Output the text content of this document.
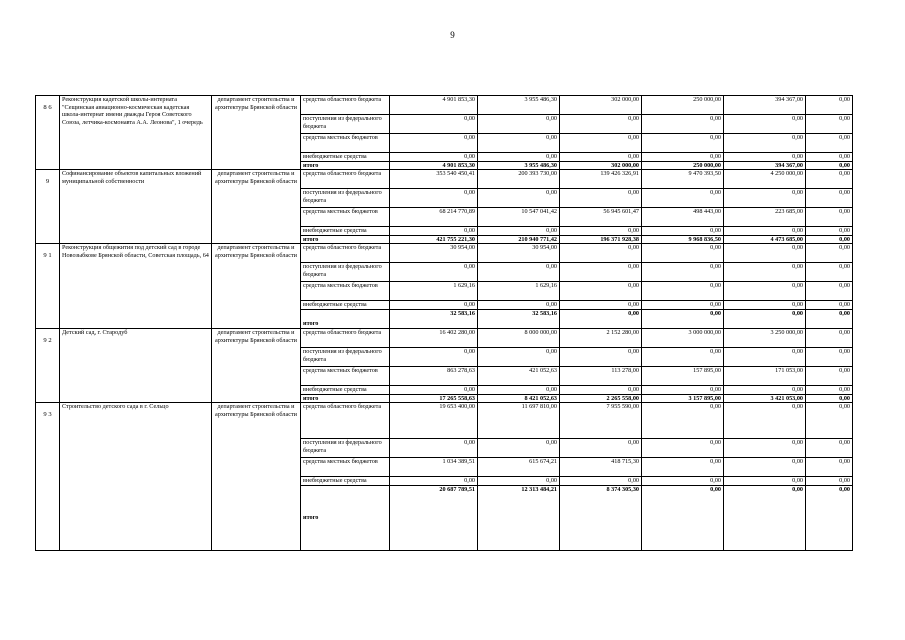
9
8 6	Реконструкция кадетской школы-интерната "Сещинская авиационно-космическая кадетская школа-интернат имени дважды Героя Советского Союза, летчика-космонавта А.А. Леонова", 1 очередь	департамент строительства и архитектуры Брянской области	средства областного бюджета	4 901 853,30	3 955 486,30	302 000,00	250 000,00	394 367,00	0,00
			поступления из федерального бюджета	0,00	0,00	0,00	0,00	0,00	0,00
			средства местных бюджетов	0,00	0,00	0,00	0,00	0,00	0,00
			внебюджетные средства	0,00	0,00	0,00	0,00	0,00	0,00
			итого	4 901 853,30	3 955 486,30	302 000,00	250 000,00	394 367,00	0,00
9	Софинансирование объектов капитальных вложений муниципальной собственности	департамент строительства и архитектуры Брянской области	средства областного бюджета	353 540 450,41	200 393 730,00	139 426 326,91	9 470 393,50	4 250 000,00	0,00
			поступления из федерального бюджета	0,00	0,00	0,00	0,00	0,00	0,00
			средства местных бюджетов	68 214 770,89	10 547 041,42	56 945 601,47	498 443,00	223 685,00	0,00
			внебюджетные средства	0,00	0,00	0,00	0,00	0,00	0,00
			итого	421 755 221,30	210 940 771,42	196 371 928,38	9 968 836,50	4 473 685,00	0,00
9 1	Реконструкция общежития под детский сад в городе Новозыбкове Брянской области, Советская площадь, 64	департамент строительства и архитектуры Брянской области	средства областного бюджета	30 954,00	30 954,00	0,00	0,00	0,00	0,00
			поступления из федерального бюджета	0,00	0,00	0,00	0,00	0,00	0,00
			средства местных бюджетов	1 629,16	1 629,16	0,00	0,00	0,00	0,00
			внебюджетные средства	0,00	0,00	0,00	0,00	0,00	0,00
			итого	32 583,16	32 583,16	0,00	0,00	0,00	0,00
9 2	Детский сад, г. Стародуб	департамент строительства и архитектуры Брянской области	средства областного бюджета	16 402 280,00	8 000 000,00	2 152 280,00	3 000 000,00	3 250 000,00	0,00
			поступления из федерального бюджета	0,00	0,00	0,00	0,00	0,00	0,00
			средства местных бюджетов	863 278,63	421 052,63	113 278,00	157 895,00	171 053,00	0,00
			внебюджетные средства	0,00	0,00	0,00	0,00	0,00	0,00
			итого	17 265 558,63	8 421 052,63	2 265 558,00	3 157 895,00	3 421 053,00	0,00
9 3	Строительство детского сада в г. Сельцо	департамент строительства и архитектуры Брянской области	средства областного бюджета	19 653 400,00	11 697 810,00	7 955 590,00	0,00	0,00	0,00
			поступления из федерального бюджета	0,00	0,00	0,00	0,00	0,00	0,00
			средства местных бюджетов	1 034 389,51	615 674,21	418 715,30	0,00	0,00	0,00
			внебюджетные средства	0,00	0,00	0,00	0,00	0,00	0,00
			итого	20 687 789,51	12 313 484,21	8 374 305,30	0,00	0,00	0,00
